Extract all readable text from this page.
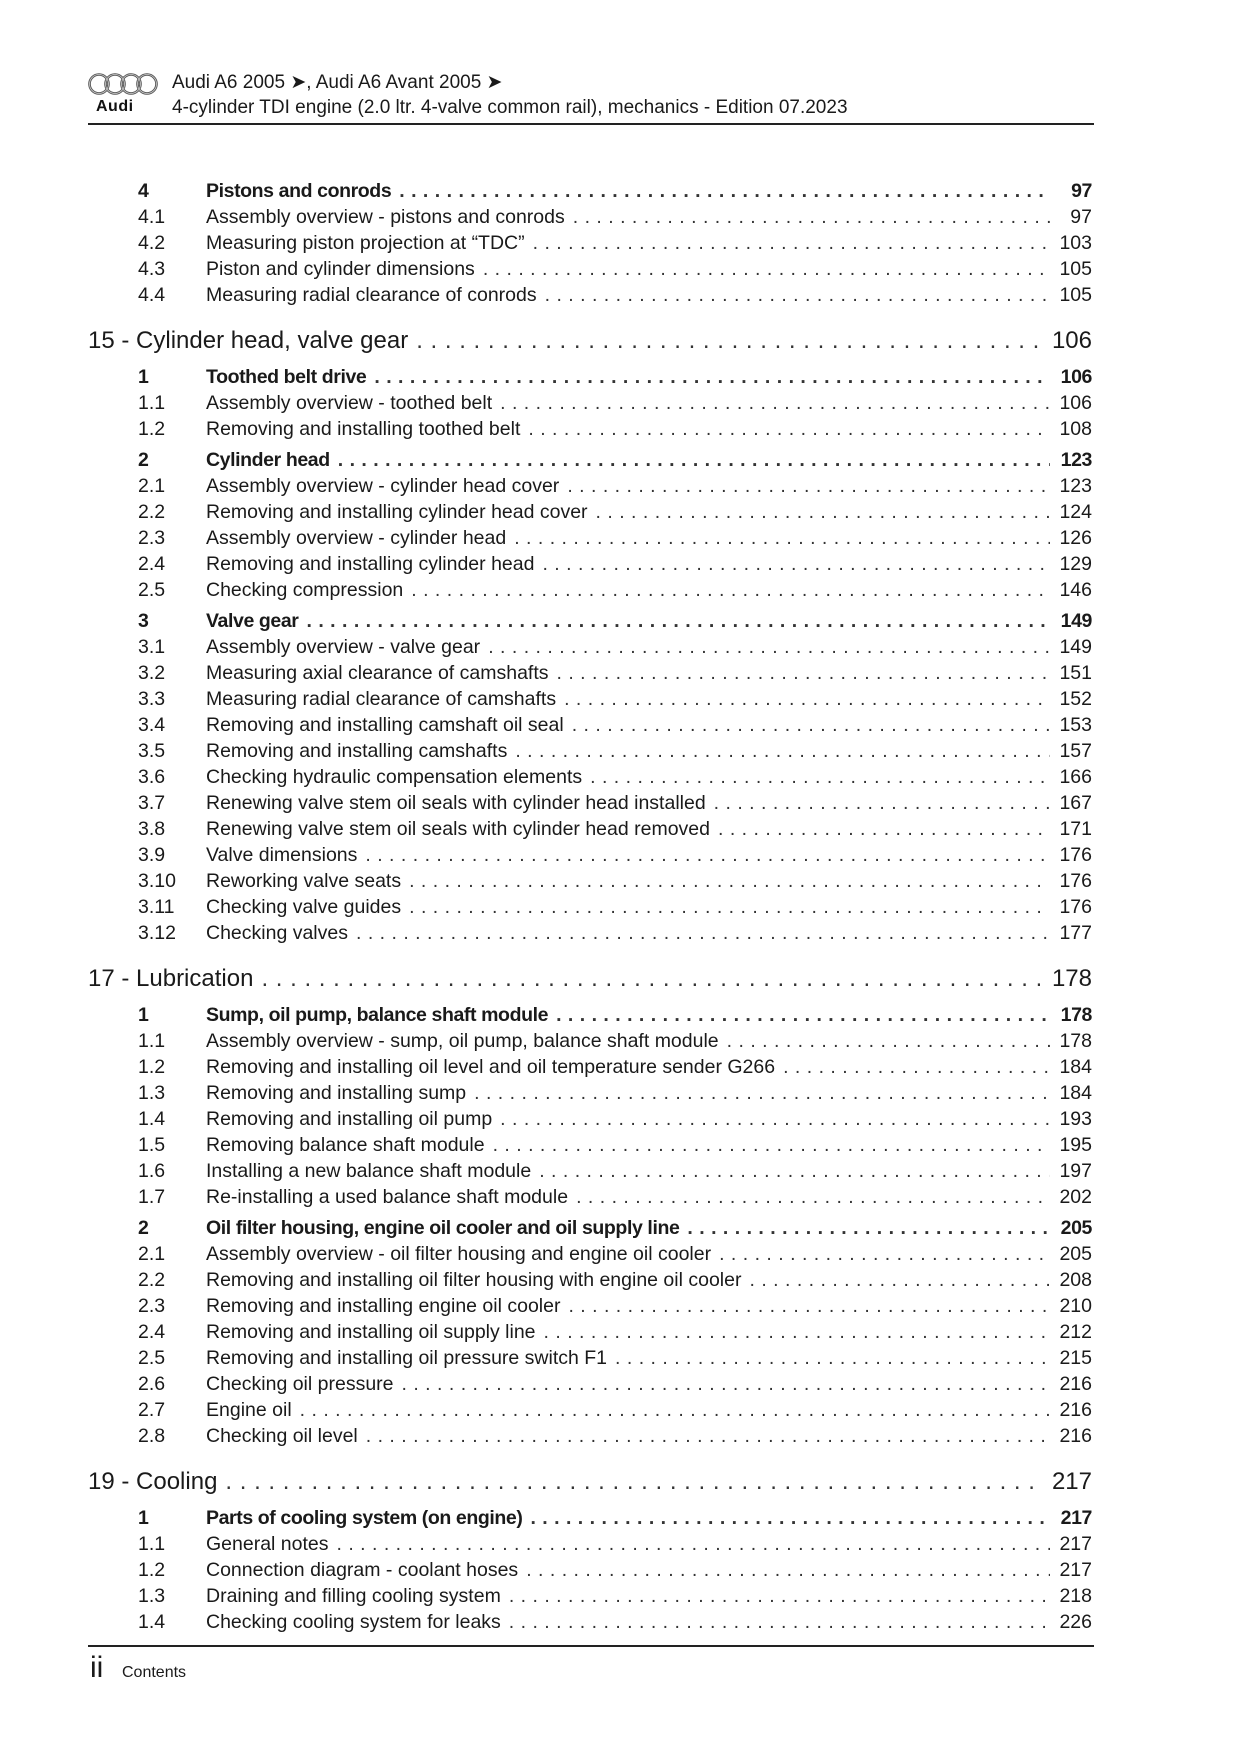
Audi
Audi A6 2005 ➤, Audi A6 Avant 2005 ➤
4-cylinder TDI engine (2.0 ltr. 4-valve common rail), mechanics - Edition 07.2023
4	Pistons and conrods . . .	97
4.1 Assembly overview - pistons and conrods . . .	97
4.2 Measuring piston projection at “TDC” . . .	103
4.3 Piston and cylinder dimensions . . .	105
4.4 Measuring radial clearance of conrods . . .	105
15 - Cylinder head, valve gear . . .	106
1	Toothed belt drive . . .	106
1.1 Assembly overview - toothed belt . . .	106
1.2 Removing and installing toothed belt . . .	108
2	Cylinder head . . .	123
2.1 Assembly overview - cylinder head cover . . .	123
2.2 Removing and installing cylinder head cover . . .	124
2.3 Assembly overview - cylinder head . . .	126
2.4 Removing and installing cylinder head . . .	129
2.5 Checking compression . . .	146
3	Valve gear . . .	149
3.1 Assembly overview - valve gear . . .	149
3.2 Measuring axial clearance of camshafts . . .	151
3.3 Measuring radial clearance of camshafts . . .	152
3.4 Removing and installing camshaft oil seal . . .	153
3.5 Removing and installing camshafts . . .	157
3.6 Checking hydraulic compensation elements . . .	166
3.7 Renewing valve stem oil seals with cylinder head installed . . .	167
3.8 Renewing valve stem oil seals with cylinder head removed . . .	171
3.9 Valve dimensions . . .	176
3.10 Reworking valve seats . . .	176
3.11 Checking valve guides . . .	176
3.12 Checking valves . . .	177
17 - Lubrication . . .	178
1	Sump, oil pump, balance shaft module . . .	178
1.1 Assembly overview - sump, oil pump, balance shaft module . . .	178
1.2 Removing and installing oil level and oil temperature sender G266 . . .	184
1.3 Removing and installing sump . . .	184
1.4 Removing and installing oil pump . . .	193
1.5 Removing balance shaft module . . .	195
1.6 Installing a new balance shaft module . . .	197
1.7 Re-installing a used balance shaft module . . .	202
2	Oil filter housing, engine oil cooler and oil supply line . . .	205
2.1 Assembly overview - oil filter housing and engine oil cooler . . .	205
2.2 Removing and installing oil filter housing with engine oil cooler . . .	208
2.3 Removing and installing engine oil cooler . . .	210
2.4 Removing and installing oil supply line . . .	212
2.5 Removing and installing oil pressure switch F1 . . .	215
2.6 Checking oil pressure . . .	216
2.7 Engine oil . . .	216
2.8 Checking oil level . . .	216
19 - Cooling . . .	217
1	Parts of cooling system (on engine) . . .	217
1.1 General notes . . .	217
1.2 Connection diagram - coolant hoses . . .	217
1.3 Draining and filling cooling system . . .	218
1.4 Checking cooling system for leaks . . .	226
ii Contents
